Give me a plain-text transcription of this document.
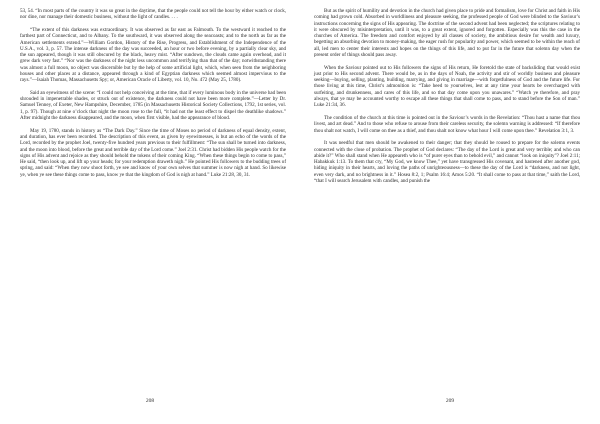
53, 54. “In most parts of the country it was so great in the daytime, that the people could not tell the hour by either watch or clock, nor dine, nor manage their domestic business, without the light of candles. . . .

“The extent of this darkness was extraordinary. It was observed as far east as Falmouth. To the westward it reached to the farthest part of Connecticut, and to Albany. To the southward, it was observed along the seacoasts; and to the north as far as the American settlements extend.”—William Gordon, History of the Rise, Progress, and Establishment of the Independence of the U.S.A., vol. 3, p. 57. The intense darkness of the day was succeeded, an hour or two before evening, by a partially clear sky, and the sun appeared, though it was still obscured by the black, heavy mist. “After sundown, the clouds came again overhead, and it grew dark very fast.” “Nor was the darkness of the night less uncommon and terrifying than that of the day; notwithstanding there was almost a full moon, no object was discernible but by the help of some artificial light, which, when seen from the neighboring houses and other places at a distance, appeared through a kind of Egyptian darkness which seemed almost impervious to the rays.”—Isaiah Thomas, Massachusetts Spy; or, American Oracle of Liberty, vol. 10, No. 472 (May 25, 1780).

Said an eyewitness of the scene: “I could not help conceiving at the time, that if every luminous body in the universe had been shrouded in impenetrable shades, or struck out of existence, the darkness could not have been more complete.”—Letter by Dr. Samuel Tenney, of Exeter, New Hampshire, December, 1785 (in Massachusetts Historical Society Collections, 1792, 1st series, vol. 1, p. 97). Though at nine o’clock that night the moon rose to the full, “it had not the least effect to dispel the deathlike shadows.” After midnight the darkness disappeared, and the moon, when first visible, had the appearance of blood.

May 19, 1780, stands in history as “The Dark Day.” Since the time of Moses no period of darkness of equal density, extent, and duration, has ever been recorded. The description of this event, as given by eyewitnesses, is but an echo of the words of the Lord, recorded by the prophet Joel, twenty-five hundred years previous to their fulfillment: “The sun shall be turned into darkness, and the moon into blood, before the great and terrible day of the Lord come.” Joel 2:31. Christ had bidden His people watch for the signs of His advent and rejoice as they should behold the tokens of their coming King. “When these things begin to come to pass,” He said, “then look up, and lift up your heads; for your redemption draweth nigh.” He pointed His followers to the budding trees of spring, and said: “When they now shoot forth, ye see and know of your own selves that summer is now nigh at hand. So likewise ye, when ye see these things come to pass, know ye that the kingdom of God is nigh at hand.” Luke 21:28, 30, 31.

208

But as the spirit of humility and devotion in the church had given place to pride and formalism, love for Christ and faith in His coming had grown cold. Absorbed in worldliness and pleasure seeking, the professed people of God were blinded to the Saviour’s instructions concerning the signs of His appearing. The doctrine of the second advent had been neglected; the scriptures relating to it were obscured by misinterpretation, until it was, to a great extent, ignored and forgotten. Especially was this the case in the churches of America. The freedom and comfort enjoyed by all classes of society, the ambitious desire for wealth and luxury, begetting an absorbing devotion to money-making, the eager rush for popularity and power, which seemed to be within the reach of all, led men to center their interests and hopes on the things of this life, and to put far in the future that solemn day when the present order of things should pass away.

When the Saviour pointed out to His followers the signs of His return, He foretold the state of backsliding that would exist just prior to His second advent. There would be, as in the days of Noah, the activity and stir of worldly business and pleasure seeking—buying, selling, planting, building, marrying, and giving in marriage—with forgetfulness of God and the future life. For those living at this time, Christ’s admonition is: “Take heed to yourselves, lest at any time your hearts be overcharged with surfeiting, and drunkenness, and cares of this life, and so that day come upon you unawares.” “Watch ye therefore, and pray always, that ye may be accounted worthy to escape all these things that shall come to pass, and to stand before the Son of man.” Luke 21:34, 36.

The condition of the church at this time is pointed out in the Saviour’s words in the Revelation: “Thou hast a name that thou livest, and art dead.” And to those who refuse to arouse from their careless security, the solemn warning is addressed: “If therefore thou shalt not watch, I will come on thee as a thief, and thou shalt not know what hour I will come upon thee.” Revelation 3:1, 3.

It was needful that men should be awakened to their danger; that they should be roused to prepare for the solemn events connected with the close of probation. The prophet of God declares: “The day of the Lord is great and very terrible; and who can abide it?” Who shall stand when He appeareth who is “of purer eyes than to behold evil,” and cannot “look on iniquity”? Joel 2:11; Habakkuk 1:13. To them that cry, “My God, we know Thee,” yet have transgressed His covenant, and hastened after another god, hiding iniquity in their hearts, and loving the paths of unrighteousness—to these the day of the Lord is “darkness, and not light, even very dark, and no brightness in it.” Hosea 8:2, 1; Psalm 16:4; Amos 5:20. “It shall come to pass at that time,” saith the Lord, “that I will search Jerusalem with candles, and punish the

209
